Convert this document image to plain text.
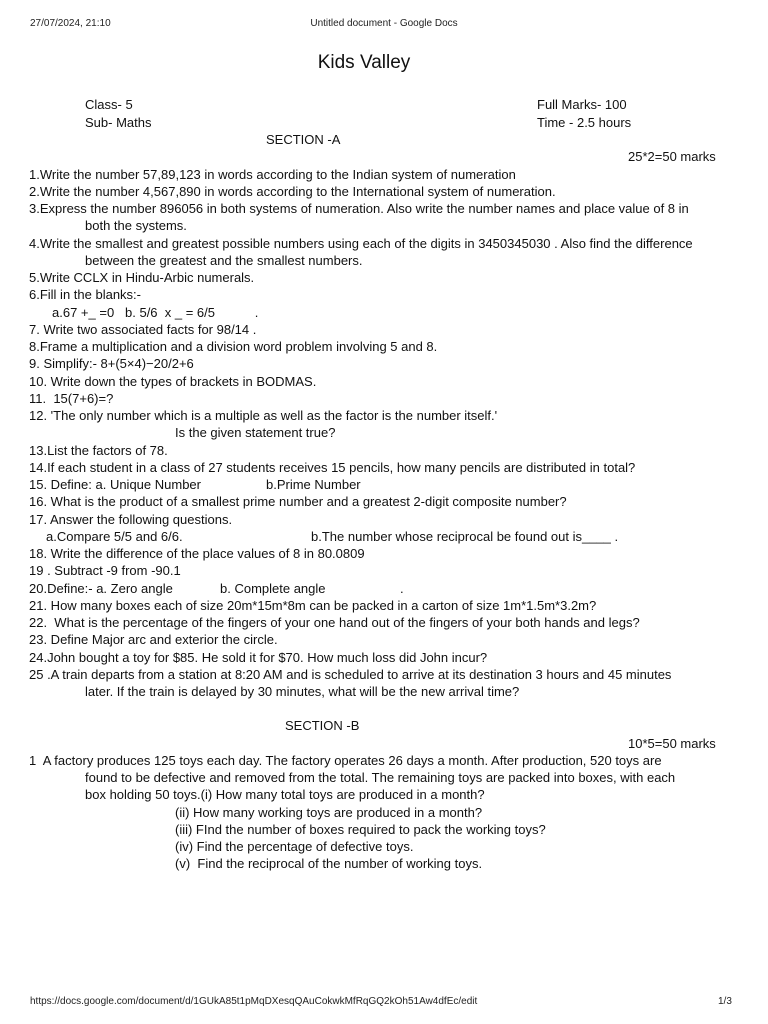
27/07/2024, 21:10	Untitled document - Google Docs
Kids Valley
Class- 5	Full Marks- 100
Sub- Maths	Time - 2.5 hours
SECTION -A
25*2=50 marks
1.Write the number 57,89,123 in words according to the Indian system of numeration
2.Write the number 4,567,890 in words according to the International system of numeration.
3.Express the number 896056 in both systems of numeration. Also write the number names and place value of 8 in
both the systems.
4.Write the smallest and greatest possible numbers using each of the digits in 3450345030 . Also find the difference
between the greatest and the smallest numbers.
5.Write CCLX in Hindu-Arbic numerals.
6.Fill in the blanks:-
a.67 +_ =0   b. 5/6  x _ = 6/5           .
7. Write two associated facts for 98/14 .
8.Frame a multiplication and a division word problem involving 5 and 8.
9. Simplify:- 8+(5×4)−20/2+6
10. Write down the types of brackets in BODMAS.
11.  15(7+6)=?
12. 'The only number which is a multiple as well as the factor is the number itself.'
Is the given statement true?
13.List the factors of 78.
14.If each student in a class of 27 students receives 15 pencils, how many pencils are distributed in total?
15. Define: a. Unique Number	b.Prime Number
16. What is the product of a smallest prime number and a greatest 2-digit composite number?
17. Answer the following questions.
a.Compare 5/5 and 6/6.	b.The number whose reciprocal be found out is____ .
18. Write the difference of the place values of 8 in 80.0809
19 . Subtract -9 from -90.1
20.Define:- a. Zero angle	b. Complete angle	.
21. How many boxes each of size 20m*15m*8m can be packed in a carton of size 1m*1.5m*3.2m?
22.  What is the percentage of the fingers of your one hand out of the fingers of your both hands and legs?
23. Define Major arc and exterior the circle.
24.John bought a toy for $85. He sold it for $70. How much loss did John incur?
25 .A train departs from a station at 8:20 AM and is scheduled to arrive at its destination 3 hours and 45 minutes
later. If the train is delayed by 30 minutes, what will be the new arrival time?
SECTION -B
10*5=50 marks
1  A factory produces 125 toys each day. The factory operates 26 days a month. After production, 520 toys are
found to be defective and removed from the total. The remaining toys are packed into boxes, with each
box holding 50 toys.(i) How many total toys are produced in a month?
(ii) How many working toys are produced in a month?
(iii) FInd the number of boxes required to pack the working toys?
(iv) Find the percentage of defective toys.
(v)  Find the reciprocal of the number of working toys.
https://docs.google.com/document/d/1GUkA85t1pMqDXesqQAuCokwkMfRqGQ2kOh51Aw4dfEc/edit	1/3
